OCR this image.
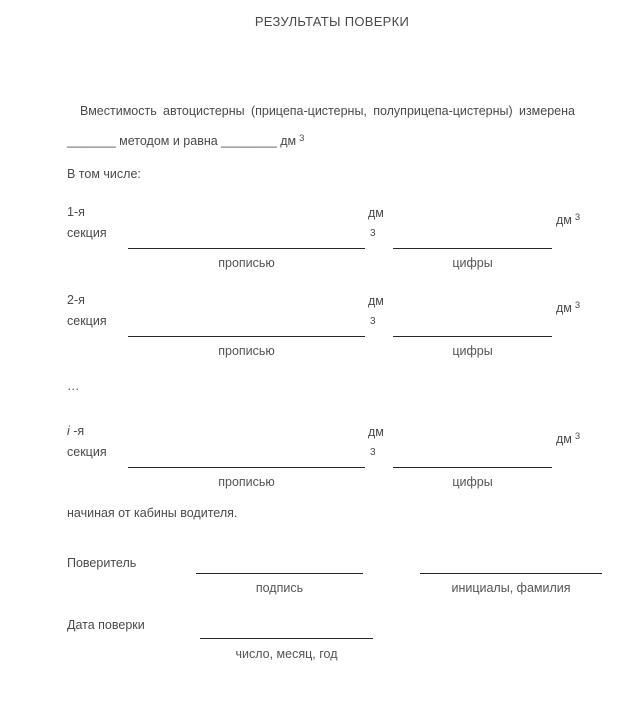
РЕЗУЛЬТАТЫ ПОВЕРКИ
Вместимость автоцистерны (прицепа-цистерны, полуприцепа-цистерны) измерена
_______ методом и равна ________ дм $^3$
В том числе:
1-я
секция
прописью
дм
3
цифры
дм $^3$
2-я
секция
прописью
дм
3
цифры
дм $^3$
…
i -я
секция
прописью
дм
3
цифры
дм $^3$
начиная от кабины водителя.
Поверитель
подпись	инициалы, фамилия
Дата поверки
число, месяц, год
